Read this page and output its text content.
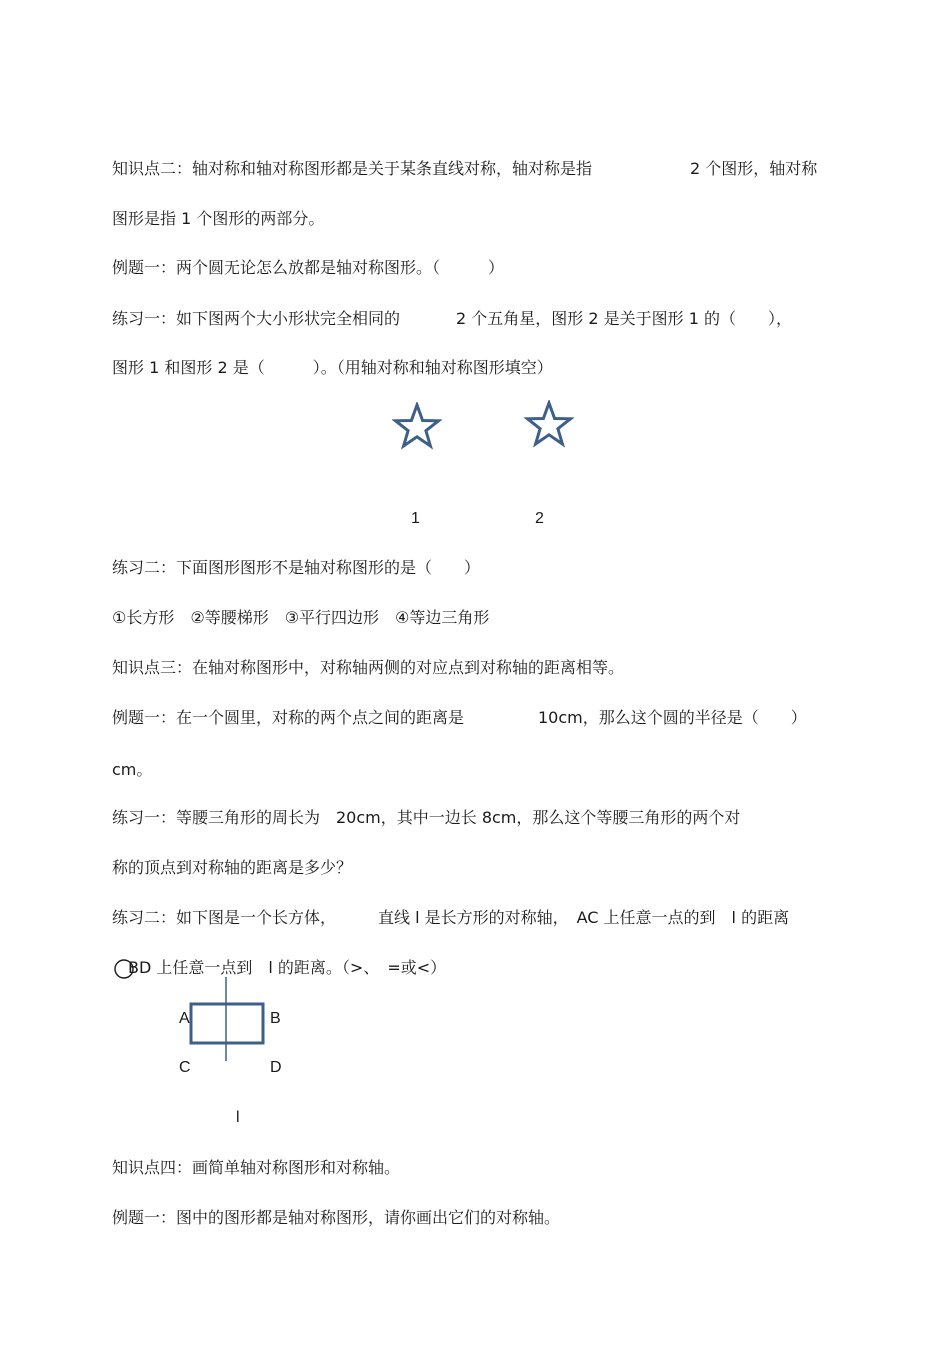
知识点二：轴对称和轴对称图形都是关于某条直线对称，轴对称是指	2 个图形，轴对称
图形是指 1 个图形的两部分。
例题一：两个圆无论怎么放都是轴对称图形。（　　　）
练习一：如下图两个大小形状完全相同的	2 个五角星，图形 2 是关于图形 1 的（　　），
图形 1 和图形 2 是（　　　）。（用轴对称和轴对称图形填空）
1	2
练习二：下面图形图形不是轴对称图形的是（　　）
①长方形　②等腰梯形　③平行四边形　④等边三角形
知识点三：在轴对称图形中，对称轴两侧的对应点到对称轴的距离相等。
例题一：在一个圆里，对称的两个点之间的距离是	10cm，那么这个圆的半径是（　　）
cm。
练习一：等腰三角形的周长为　20cm，其中一边长 8cm，那么这个等腰三角形的两个对
称的顶点到对称轴的距离是多少？
练习二：如下图是一个长方体，	直线 l 是长方形的对称轴，　AC 上任意一点的到　l 的距离
BD 上任意一点到　l 的距离。（>、　=或<）
A	B
C	D
l
知识点四：画简单轴对称图形和对称轴。
例题一：图中的图形都是轴对称图形，请你画出它们的对称轴。
